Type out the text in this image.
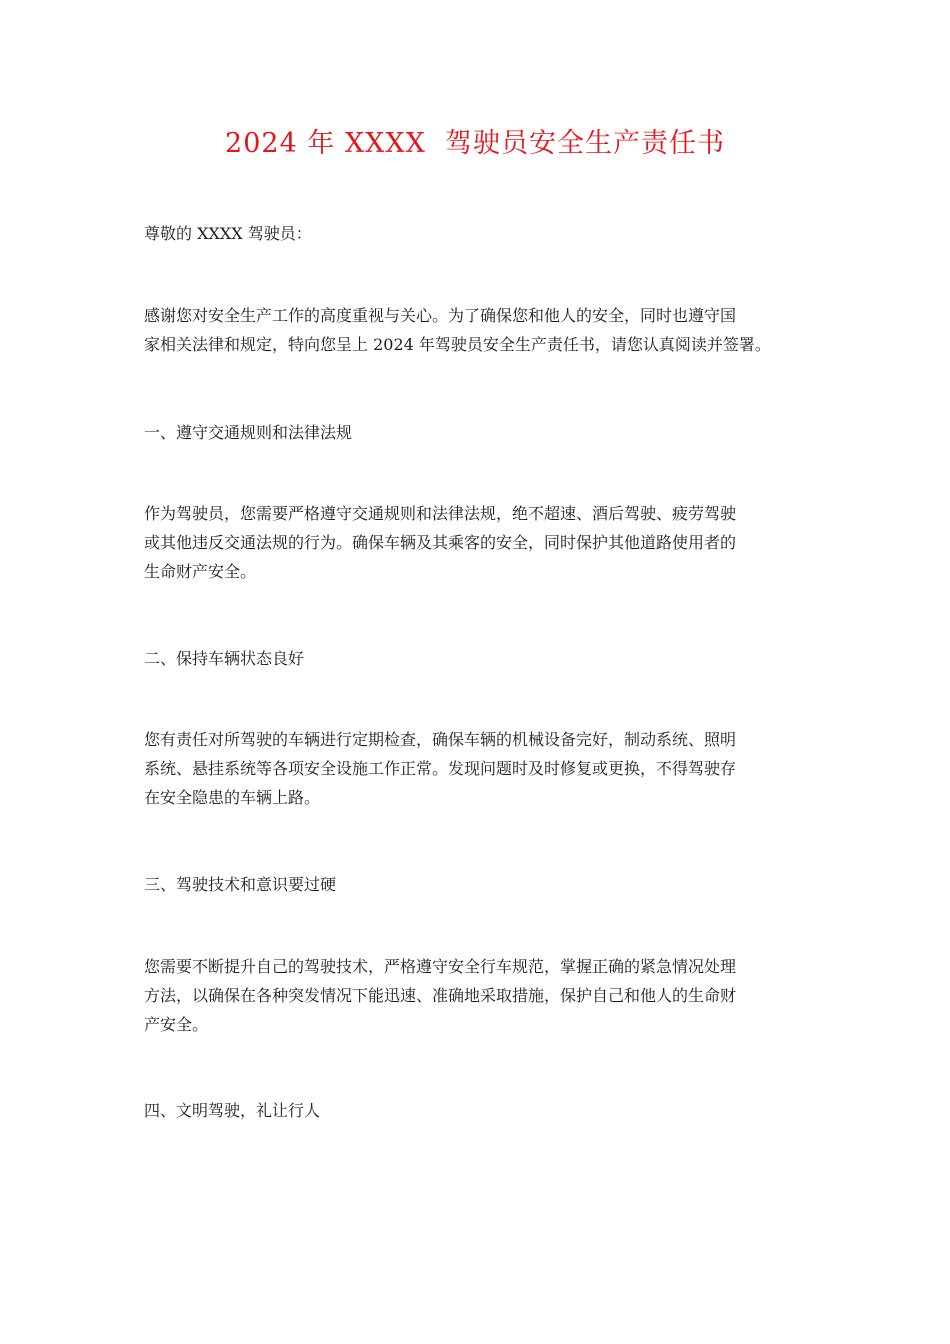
2024 年 XXXX  驾驶员安全生产责任书

尊敬的 XXXX 驾驶员：

感谢您对安全生产工作的高度重视与关心。为了确保您和他人的安全，同时也遵守国
家相关法律和规定，特向您呈上 2024 年驾驶员安全生产责任书，请您认真阅读并签署。

一、遵守交通规则和法律法规

作为驾驶员，您需要严格遵守交通规则和法律法规，绝不超速、酒后驾驶、疲劳驾驶
或其他违反交通法规的行为。确保车辆及其乘客的安全，同时保护其他道路使用者的
生命财产安全。

二、保持车辆状态良好

您有责任对所驾驶的车辆进行定期检查，确保车辆的机械设备完好，制动系统、照明
系统、悬挂系统等各项安全设施工作正常。发现问题时及时修复或更换，不得驾驶存
在安全隐患的车辆上路。

三、驾驶技术和意识要过硬

您需要不断提升自己的驾驶技术，严格遵守安全行车规范，掌握正确的紧急情况处理
方法，以确保在各种突发情况下能迅速、准确地采取措施，保护自己和他人的生命财
产安全。

四、文明驾驶，礼让行人
